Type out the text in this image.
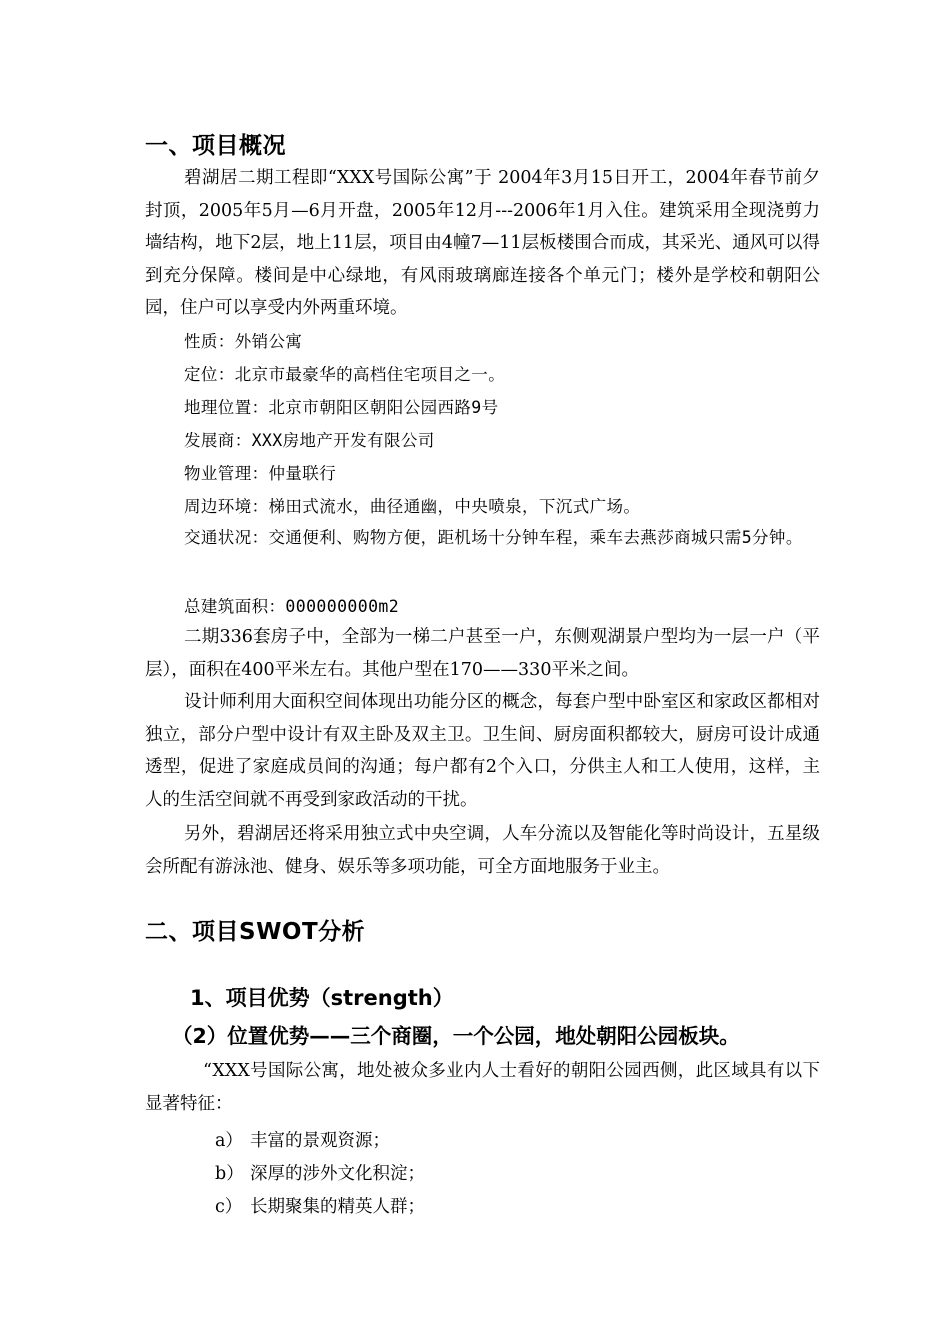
一、项目概况
碧湖居二期工程即“XXX号国际公寓”于 2004年3月15日开工，2004年春节前夕封顶，2005年5月—6月开盘，2005年12月---2006年1月入住。建筑采用全现浇剪力墙结构，地下2层，地上11层，项目由4幢7—11层板楼围合而成，其采光、通风可以得到充分保障。楼间是中心绿地，有风雨玻璃廊连接各个单元门；楼外是学校和朝阳公园，住户可以享受内外两重环境。
性质：外销公寓
定位：北京市最豪华的高档住宅项目之一。
地理位置：北京市朝阳区朝阳公园西路9号
发展商：XXX房地产开发有限公司
物业管理：仲量联行
周边环境：梯田式流水，曲径通幽，中央喷泉，下沉式广场。
交通状况：交通便利、购物方便，距机场十分钟车程，乘车去燕莎商城只需5分钟。
总建筑面积：000000000m2
二期336套房子中，全部为一梯二户甚至一户，东侧观湖景户型均为一层一户（平层），面积在400平米左右。其他户型在170——330平米之间。
设计师利用大面积空间体现出功能分区的概念，每套户型中卧室区和家政区都相对独立，部分户型中设计有双主卧及双主卫。卫生间、厨房面积都较大，厨房可设计成通透型，促进了家庭成员间的沟通；每户都有2个入口，分供主人和工人使用，这样，主人的生活空间就不再受到家政活动的干扰。
另外，碧湖居还将采用独立式中央空调，人车分流以及智能化等时尚设计，五星级会所配有游泳池、健身、娱乐等多项功能，可全方面地服务于业主。
二、项目SWOT分析
1、项目优势（strength）
（2）位置优势——三个商圈，一个公园，地处朝阳公园板块。
“XXX号国际公寓，地处被众多业内人士看好的朝阳公园西侧，此区域具有以下显著特征：
a） 丰富的景观资源；
b） 深厚的涉外文化积淀；
c） 长期聚集的精英人群；
